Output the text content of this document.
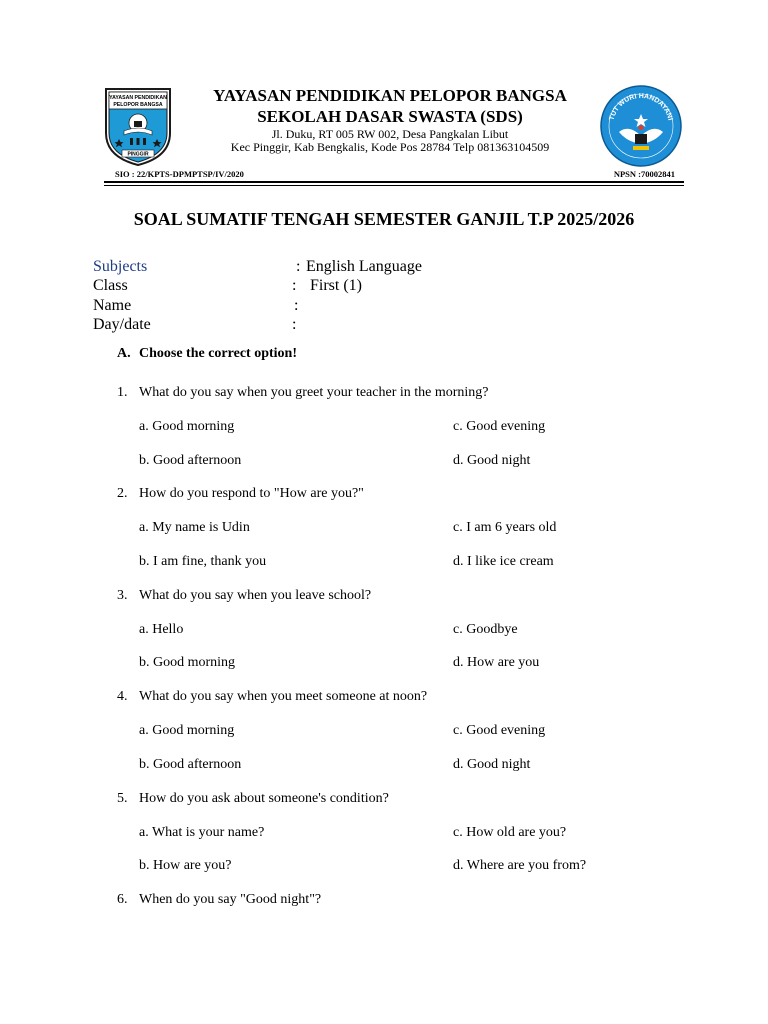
YAYASAN PENDIDIKAN
PELOPOR BANGSA
PINGGIR
TUT WURI HANDAYANI
YAYASAN PENDIDIKAN PELOPOR BANGSA
SEKOLAH DASAR SWASTA (SDS)
Jl. Duku, RT 005 RW 002, Desa Pangkalan Libut
Kec Pinggir, Kab Bengkalis, Kode Pos 28784 Telp 081363104509
SIO : 22/KPTS-DPMPTSP/IV/2020	NPSN :70002841
SOAL SUMATIF TENGAH SEMESTER GANJIL T.P 2025/2026
Subjects	: English Language
Class	: First (1)
Name	:
Day/date	:
A. Choose the correct option!
1. What do you say when you greet your teacher in the morning?
a. Good morning	c. Good evening
b. Good afternoon	d. Good night
2. How do you respond to "How are you?"
a. My name is Udin	c. I am 6 years old
b. I am fine, thank you	d. I like ice cream
3. What do you say when you leave school?
a. Hello	c. Goodbye
b. Good morning	d. How are you
4. What do you say when you meet someone at noon?
a. Good morning	c. Good evening
b. Good afternoon	d. Good night
5. How do you ask about someone's condition?
a. What is your name?	c. How old are you?
b. How are you?	d. Where are you from?
6. When do you say "Good night"?
